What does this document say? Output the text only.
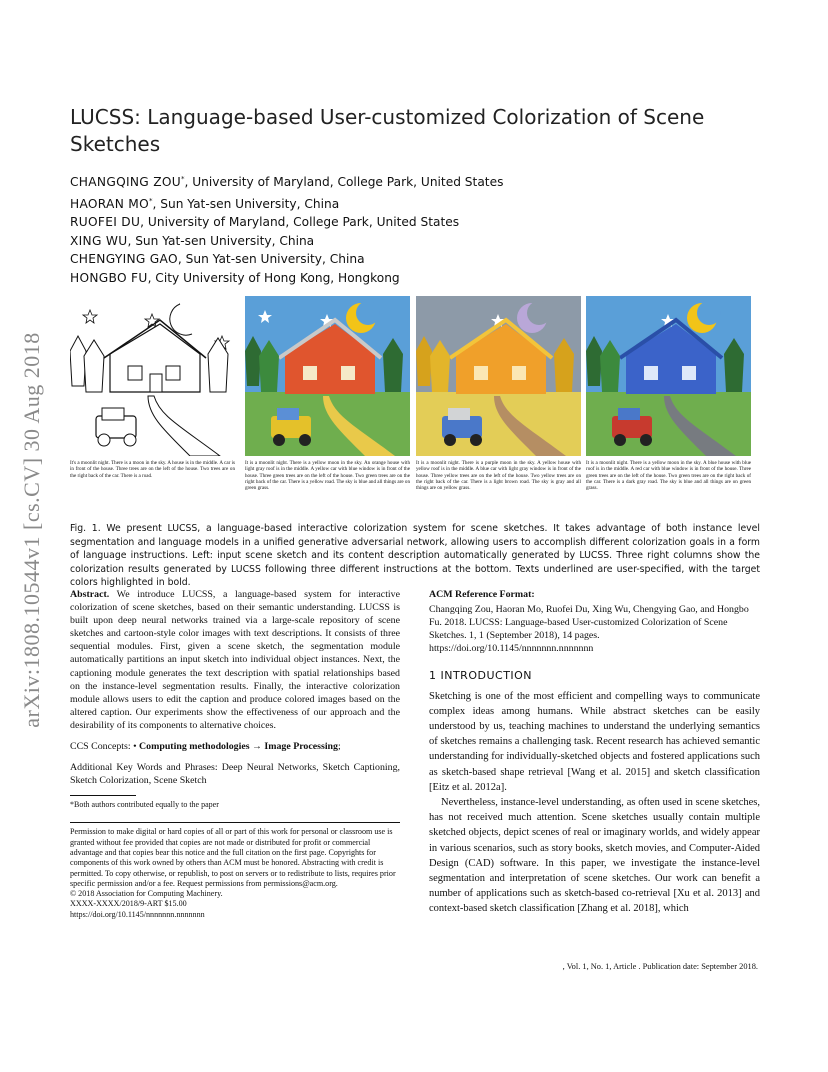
arXiv:1808.10544v1 [cs.CV] 30 Aug 2018
LUCSS: Language-based User-customized Colorization of Scene Sketches
CHANGQING ZOU*, University of Maryland, College Park, United States
HAORAN MO*, Sun Yat-sen University, China
RUOFEI DU, University of Maryland, College Park, United States
XING WU, Sun Yat-sen University, China
CHENGYING GAO, Sun Yat-sen University, China
HONGBO FU, City University of Hong Kong, Hongkong
It's a moonlit night. There is a moon in the sky. A house is in the middle. A car is in front of the house. Three trees are on the left of the house. Two trees are on the right back of the car. There is a road.
It is a moonlit night. There is a yellow moon in the sky. An orange house with light gray roof is in the middle. A yellow car with blue window is in front of the house. Three green trees are on the left of the house. Two green trees are on the right back of the car. There is a yellow road. The sky is blue and all things are on green grass.
It is a moonlit night. There is a purple moon in the sky. A yellow house with yellow roof is in the middle. A blue car with light gray window is in front of the house. Three yellow trees are on the left of the house. Two yellow trees are on the right back of the car. There is a light brown road. The sky is gray and all things are on yellow grass.
It is a moonlit night. There is a yellow moon in the sky. A blue house with blue roof is in the middle. A red car with blue window is in front of the house. Three green trees are on the left of the house. Two green trees are on the right back of the car. There is a dark gray road. The sky is blue and all things are on green grass.
Fig. 1. We present LUCSS, a language-based interactive colorization system for scene sketches. It takes advantage of both instance level segmentation and language models in a unified generative adversarial network, allowing users to accomplish different colorization goals in a form of language instructions. Left: input scene sketch and its content description automatically generated by LUCSS. Three right columns show the colorization results generated by LUCSS following three different instructions at the bottom. Texts underlined are user-specified, with the target colors highlighted in bold.

Abstract. We introduce LUCSS, a language-based system for interactive colorization of scene sketches, based on their semantic understanding. LUCSS is built upon deep neural networks trained via a large-scale repository of scene sketches and cartoon-style color images with text descriptions. It consists of three sequential modules. First, given a scene sketch, the segmentation module automatically partitions an input sketch into individual object instances. Next, the captioning module generates the text description with spatial relationships based on the instance-level segmentation results. Finally, the interactive colorization module allows users to edit the caption and produce colored images based on the altered caption. Our experiments show the effectiveness of our approach and the desirability of its components to alternative choices.

CCS Concepts: • Computing methodologies → Image Processing;

Additional Key Words and Phrases: Deep Neural Networks, Sketch Captioning, Sketch Colorization, Scene Sketch

*Both authors contributed equally to the paper
Permission to make digital or hard copies of all or part of this work for personal or classroom use is granted without fee provided that copies are not made or distributed for profit or commercial advantage and that copies bear this notice and the full citation on the first page. Copyrights for components of this work owned by others than ACM must be honored. Abstracting with credit is permitted. To copy otherwise, or republish, to post on servers or to redistribute to lists, requires prior specific permission and/or a fee. Request permissions from permissions@acm.org.
© 2018 Association for Computing Machinery.
XXXX-XXXX/2018/9-ART $15.00
https://doi.org/10.1145/nnnnnnn.nnnnnnn
ACM Reference Format:
Changqing Zou, Haoran Mo, Ruofei Du, Xing Wu, Chengying Gao, and Hongbo Fu. 2018. LUCSS: Language-based User-customized Colorization of Scene Sketches. 1, 1 (September 2018), 14 pages. https://doi.org/10.1145/nnnnnnn.nnnnnnn
1 INTRODUCTION

Sketching is one of the most efficient and compelling ways to communicate complex ideas among humans. While abstract sketches can be easily understood by us, teaching machines to understand the underlying semantics of sketches remains a challenging task. Recent research has achieved semantic understanding for individually-sketched objects and fostered applications such as sketch-based shape retrieval [Wang et al. 2015] and sketch classification [Eitz et al. 2012a].

Nevertheless, instance-level understanding, as often used in scene sketches, has not received much attention. Scene sketches usually contain multiple sketched objects, depict scenes of real or imaginary worlds, and widely appear in various scenarios, such as story books, sketch movies, and Computer-Aided Design (CAD) software. In this paper, we investigate the instance-level segmentation and interpretation of scene sketches. Our work can benefit a number of applications such as sketch-based co-retrieval [Xu et al. 2013] and context-based sketch classification [Zhang et al. 2018], which

, Vol. 1, No. 1, Article . Publication date: September 2018.
